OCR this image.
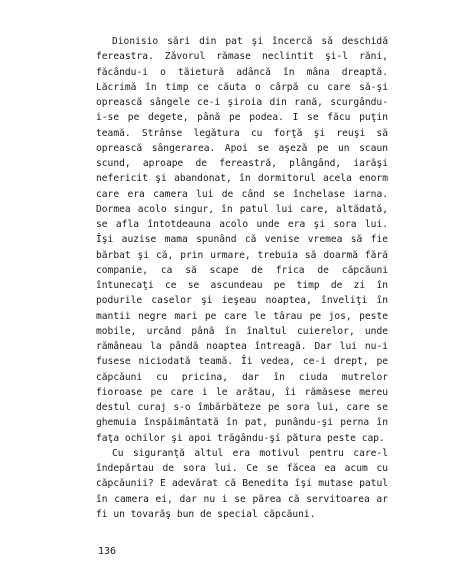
Dionisio sări din pat şi încercă să deschidă fereastra. Zăvorul rămase neclintit şi-l răni, făcându-i o tăietură adâncă în mâna dreaptă. Lăcrimă în timp ce căuta o cârpă cu care să-şi oprească sângele ce-i şiroia din rană, scurgându-i-se pe degete, până pe podea. I se făcu puţin teamă. Strânse legătura cu forţă şi reuşi să oprească sângerarea. Apoi se aşeză pe un scaun scund, aproape de fereastră, plângând, iarăşi nefericit şi abandonat, în dormitorul acela enorm care era camera lui de când se închelase iarna. Dormea acolo singur, în patul lui care, altădată, se afla întotdeauna acolo unde era şi sora lui. Îşi auzise mama spunând că venise vremea să fie bărbat şi că, prin urmare, trebuia să doarmă fără companie, ca să scape de frica de căpcăuni întunecaţi ce se ascundeau pe timp de zi în podurile caselor şi ieşeau noaptea, înveliţi în mantii negre mari pe care le târau pe jos, peste mobile, urcând până în înaltul cuierelor, unde rămâneau la pândă noaptea întreagă. Dar lui nu-i fusese niciodată teamă. Îi vedea, ce-i drept, pe căpcăuni cu pricina, dar în ciuda mutrelor fioroase pe care i le arătau, îi rămăsese mereu destul curaj s-o îmbărbăteze pe sora lui, care se ghemuia înspăimântată în pat, punându-şi perna în faţa ochilor şi apoi trăgându-şi pătura peste cap.

Cu siguranţă altul era motivul pentru care-l îndepărtau de sora lui. Ce se făcea ea acum cu căpcăunii? E adevărat că Benedita îşi mutase patul în camera ei, dar nu i se părea că servitoarea ar fi un tovarăş bun de special căpcăuni.

136
